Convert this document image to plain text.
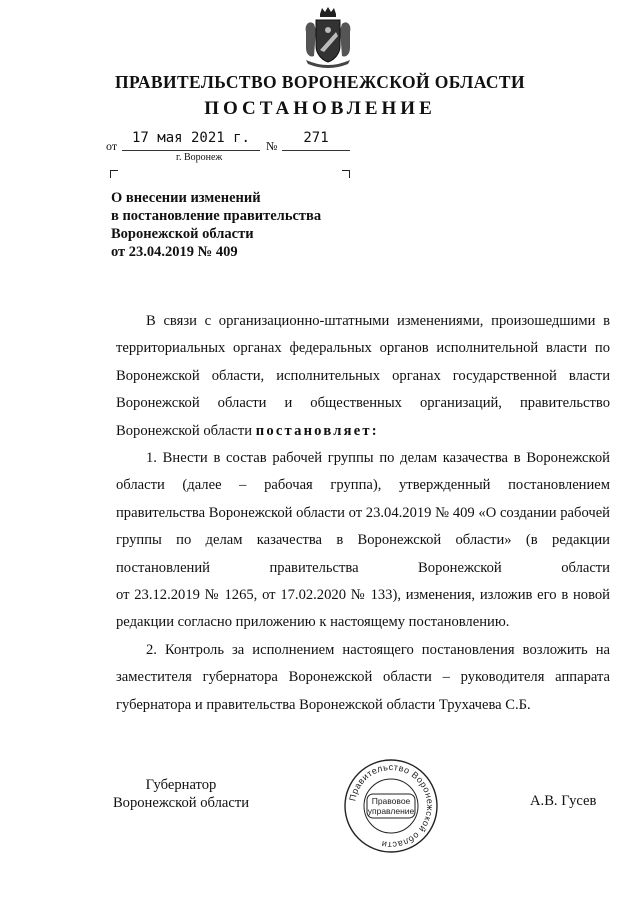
ПРАВИТЕЛЬСТВО ВОРОНЕЖСКОЙ ОБЛАСТИ
ПОСТАНОВЛЕНИЕ
от	17 мая 2021 г.	№	271
г. Воронеж
О внесении изменений
в постановление правительства
Воронежской области
от 23.04.2019 № 409

В связи с организационно-штатными изменениями, произошедшими в территориальных органах федеральных органов исполнительной власти по Воронежской области, исполнительных органах государственной власти Воронежской области и общественных организаций, правительство Воронежской области постановляет:

1. Внести в состав рабочей группы по делам казачества в Воронежской области (далее – рабочая группа), утвержденный постановлением правительства Воронежской области от 23.04.2019 № 409 «О создании рабочей группы по делам казачества в Воронежской области» (в редакции постановлений правительства Воронежской области

от 23.12.2019 № 1265, от 17.02.2020 № 133), изменения, изложив его в новой редакции согласно приложению к настоящему постановлению.

2. Контроль за исполнением настоящего постановления возложить на заместителя губернатора Воронежской области – руководителя аппарата губернатора и правительства Воронежской области Трухачева С.Б.

Губернатор
Воронежской области	Правительство Воронежской области
Правовое
управление
А.В. Гусев
